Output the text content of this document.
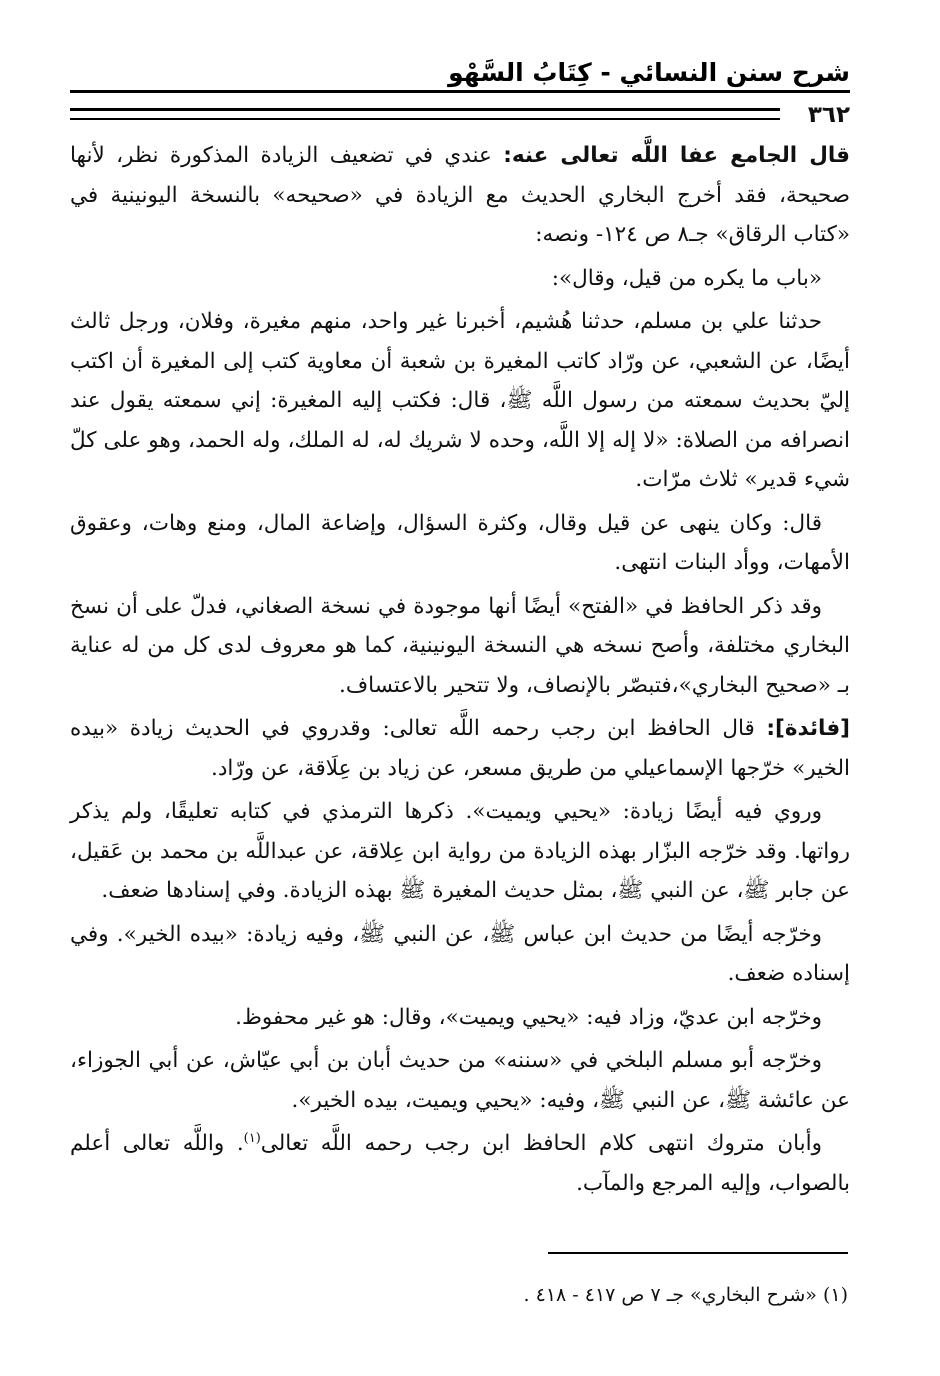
شرح سنن النسائي - كِتَابُ السَّهْو
٣٦٢

قال الجامع عفا اللَّه تعالى عنه: عندي في تضعيف الزيادة المذكورة نظر، لأنها صحيحة، فقد أخرج البخاري الحديث مع الزيادة في «صحيحه» بالنسخة اليونينية في «كتاب الرقاق» جـ٨ ص ١٢٤- ونصه:

«باب ما يكره من قيل، وقال»:

حدثنا علي بن مسلم، حدثنا هُشيم، أخبرنا غير واحد، منهم مغيرة، وفلان، ورجل ثالث أيضًا، عن الشعبي، عن ورّاد كاتب المغيرة بن شعبة أن معاوية كتب إلى المغيرة أن اكتب إليّ بحديث سمعته من رسول اللَّه ﷺ، قال: فكتب إليه المغيرة: إني سمعته يقول عند انصرافه من الصلاة: «لا إله إلا اللَّه، وحده لا شريك له، له الملك، وله الحمد، وهو على كلّ شيء قدير» ثلاث مرّات.

قال: وكان ينهى عن قيل وقال، وكثرة السؤال، وإضاعة المال، ومنع وهات، وعقوق الأمهات، ووأد البنات انتهى.

وقد ذكر الحافظ في «الفتح» أيضًا أنها موجودة في نسخة الصغاني، فدلّ على أن نسخ البخاري مختلفة، وأصح نسخه هي النسخة اليونينية، كما هو معروف لدى كل من له عناية بـ «صحيح البخاري»،فتبصّر بالإنصاف، ولا تتحير بالاعتساف.

[فائدة]: قال الحافظ ابن رجب رحمه اللَّه تعالى: وقدروي في الحديث زيادة «بيده الخير» خرّجها الإسماعيلي من طريق مسعر، عن زياد بن عِلَاقة، عن ورّاد.

وروي فيه أيضًا زيادة: «يحيي ويميت». ذكرها الترمذي في كتابه تعليقًا، ولم يذكر رواتها. وقد خرّجه البزّار بهذه الزيادة من رواية ابن عِلاقة، عن عبداللَّه بن محمد بن عَقيل، عن جابر ﷺ، عن النبي ﷺ، بمثل حديث المغيرة ﷺ بهذه الزيادة. وفي إسنادها ضعف.

وخرّجه أيضًا من حديث ابن عباس ﷺ، عن النبي ﷺ، وفيه زيادة: «بيده الخير». وفي إسناده ضعف.

وخرّجه ابن عديّ، وزاد فيه: «يحيي ويميت»، وقال: هو غير محفوظ.

وخرّجه أبو مسلم البلخي في «سننه» من حديث أبان بن أبي عيّاش، عن أبي الجوزاء، عن عائشة ﷺ، عن النبي ﷺ، وفيه: «يحيي ويميت، بيده الخير».

وأبان متروك انتهى كلام الحافظ ابن رجب رحمه اللَّه تعالى$^{(١)}$. واللَّه تعالى أعلم بالصواب، وإليه المرجع والمآب.

(١) «شرح البخاري» جـ ٧ ص ٤١٧ - ٤١٨ .
